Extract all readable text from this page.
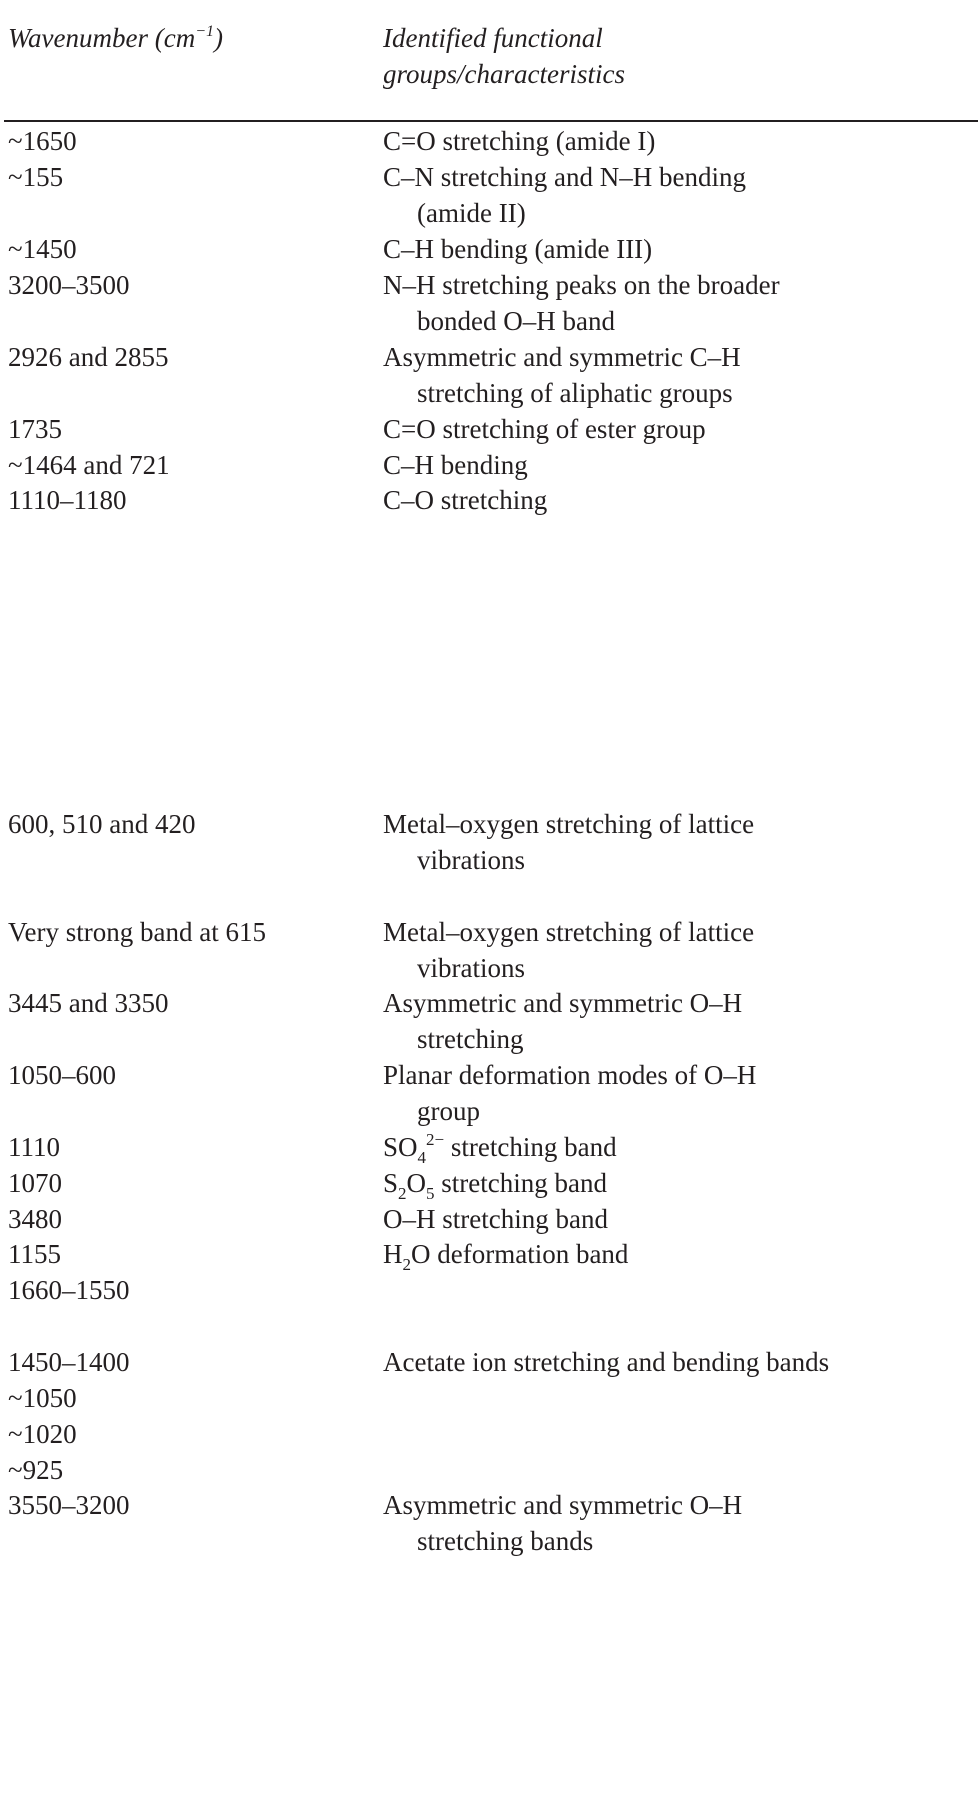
Wavenumber $(cm^{-1})$	Identified functional
groups/characteristics
~1650	C=O stretching (amide I)
~155	C–N stretching and N–H bending
(amide II)
~1450	C–H bending (amide III)
3200–3500	N–H stretching peaks on the broader
bonded O–H band
2926 and 2855	Asymmetric and symmetric C–H
stretching of aliphatic groups
1735	C=O stretching of ester group
~1464 and 721	C–H bending
1110–1180	C–O stretching
600, 510 and 420	Metal–oxygen stretching of lattice
vibrations
Very strong band at 615	Metal–oxygen stretching of lattice
vibrations
3445 and 3350	Asymmetric and symmetric O–H
stretching
1050–600	Planar deformation modes of O–H
group
1110	$SO_4^{2-}$ stretching band
1070	$S_2O_5$ stretching band
3480	O–H stretching band
1155	$H_2O$ deformation band
1660–1550
1450–1400	Acetate ion stretching and bending bands
~1050
~1020
~925
3550–3200	Asymmetric and symmetric O–H
stretching bands
